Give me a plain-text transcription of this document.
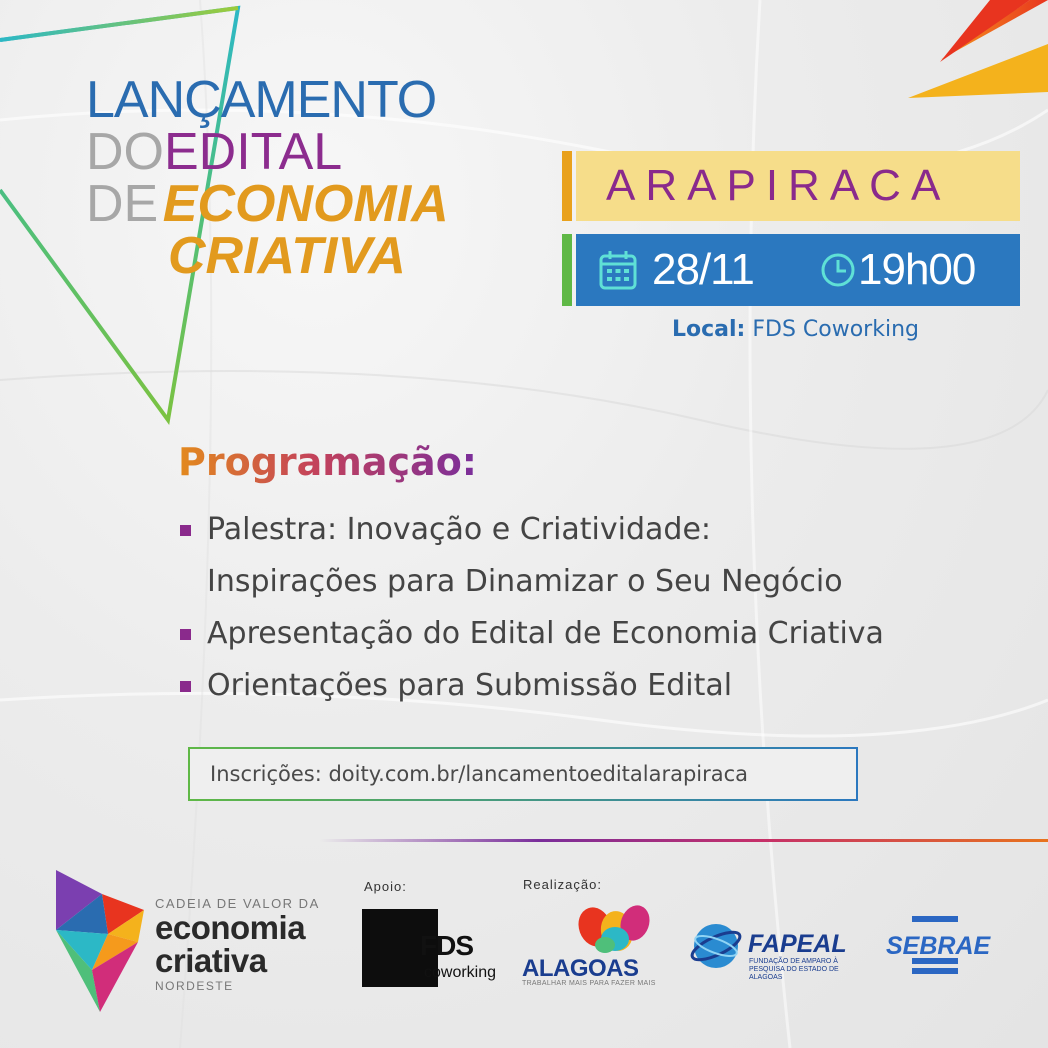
LANÇAMENTO
DOEDITAL
DE ECONOMIA
CRIATIVA
ARAPIRACA
28/11 19h00
Local: FDS Coworking
Programação:
Palestra: Inovação e Criatividade:
Inspirações para Dinamizar o Seu Negócio
Apresentação do Edital de Economia Criativa
Orientações para Submissão Edital
Inscrições: doity.com.br/lancamentoeditalarapiraca
CADEIA DE VALOR DA
economia
criativa
NORDESTE
Apoio:	Realização:
FDS
coworking ALAGOAS
TRABALHAR MAIS PARA FAZER MAIS
FAPEAL
FUNDAÇÃO DE AMPARO À PESQUISA DO ESTADO DE ALAGOAS
SEBRAE
